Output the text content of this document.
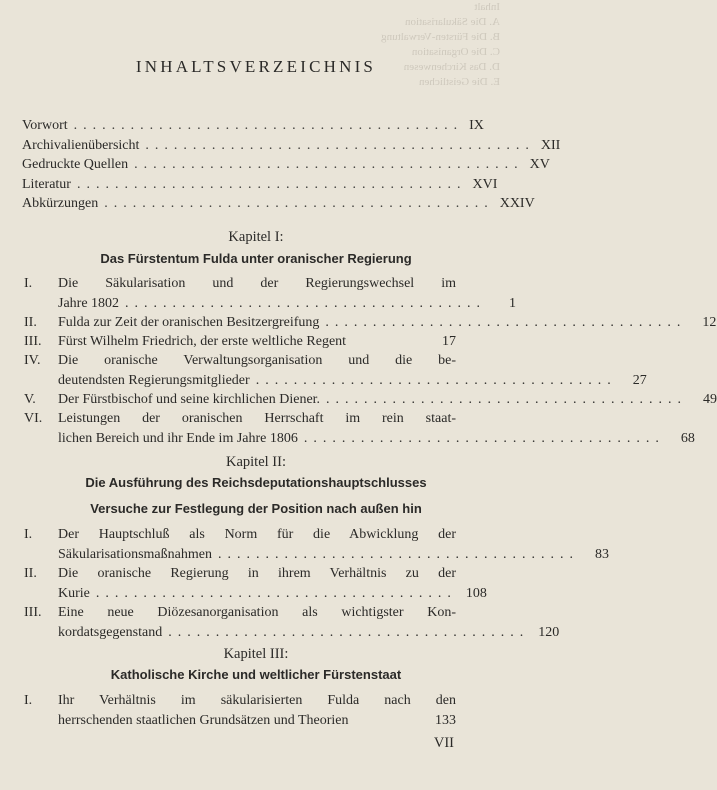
Inhalt
A. Die Säkularisation
B. Die Fürsten-Verwaltung
C. Die Organisation
D. Das Kirchenwesen
E. Die Geistlichen
INHALTSVERZEICHNIS
Vorwort ......................................... IX
Archivalienübersicht ......................................... XII
Gedruckte Quellen ......................................... XV
Literatur ......................................... XVI
Abkürzungen ......................................... XXIV
Kapitel I:
Das Fürstentum Fulda unter oranischer Regierung
I. Die Säkularisation und der Regierungswechsel im
Jahre 1802 ......................................	1
II. Fulda zur Zeit der oranischen Besitzergreifung ......................................	12
III. Fürst Wilhelm Friedrich, der erste weltliche Regent	17
IV. Die oranische Verwaltungsorganisation und die be-
deutendsten Regierungsmitglieder ......................................	27
V. Der Fürstbischof und seine kirchlichen Diener. ......................................	49
VI. Leistungen der oranischen Herrschaft im rein staat-
lichen Bereich und ihr Ende im Jahre 1806 ......................................	68
Kapitel II:
Die Ausführung des Reichsdeputationshauptschlusses
Versuche zur Festlegung der Position nach außen hin
I. Der Hauptschluß als Norm für die Abwicklung der
Säkularisationsmaßnahmen ......................................	83
II. Die oranische Regierung in ihrem Verhältnis zu der
Kurie ...................................... 108
III. Eine neue Diözesanorganisation als wichtigster Kon-
kordatsgegenstand ...................................... 120
Kapitel III:
Katholische Kirche und weltlicher Fürstenstaat
I. Ihr Verhältnis im säkularisierten Fulda nach den
herrschenden staatlichen Grundsätzen und Theorien	133
VII
